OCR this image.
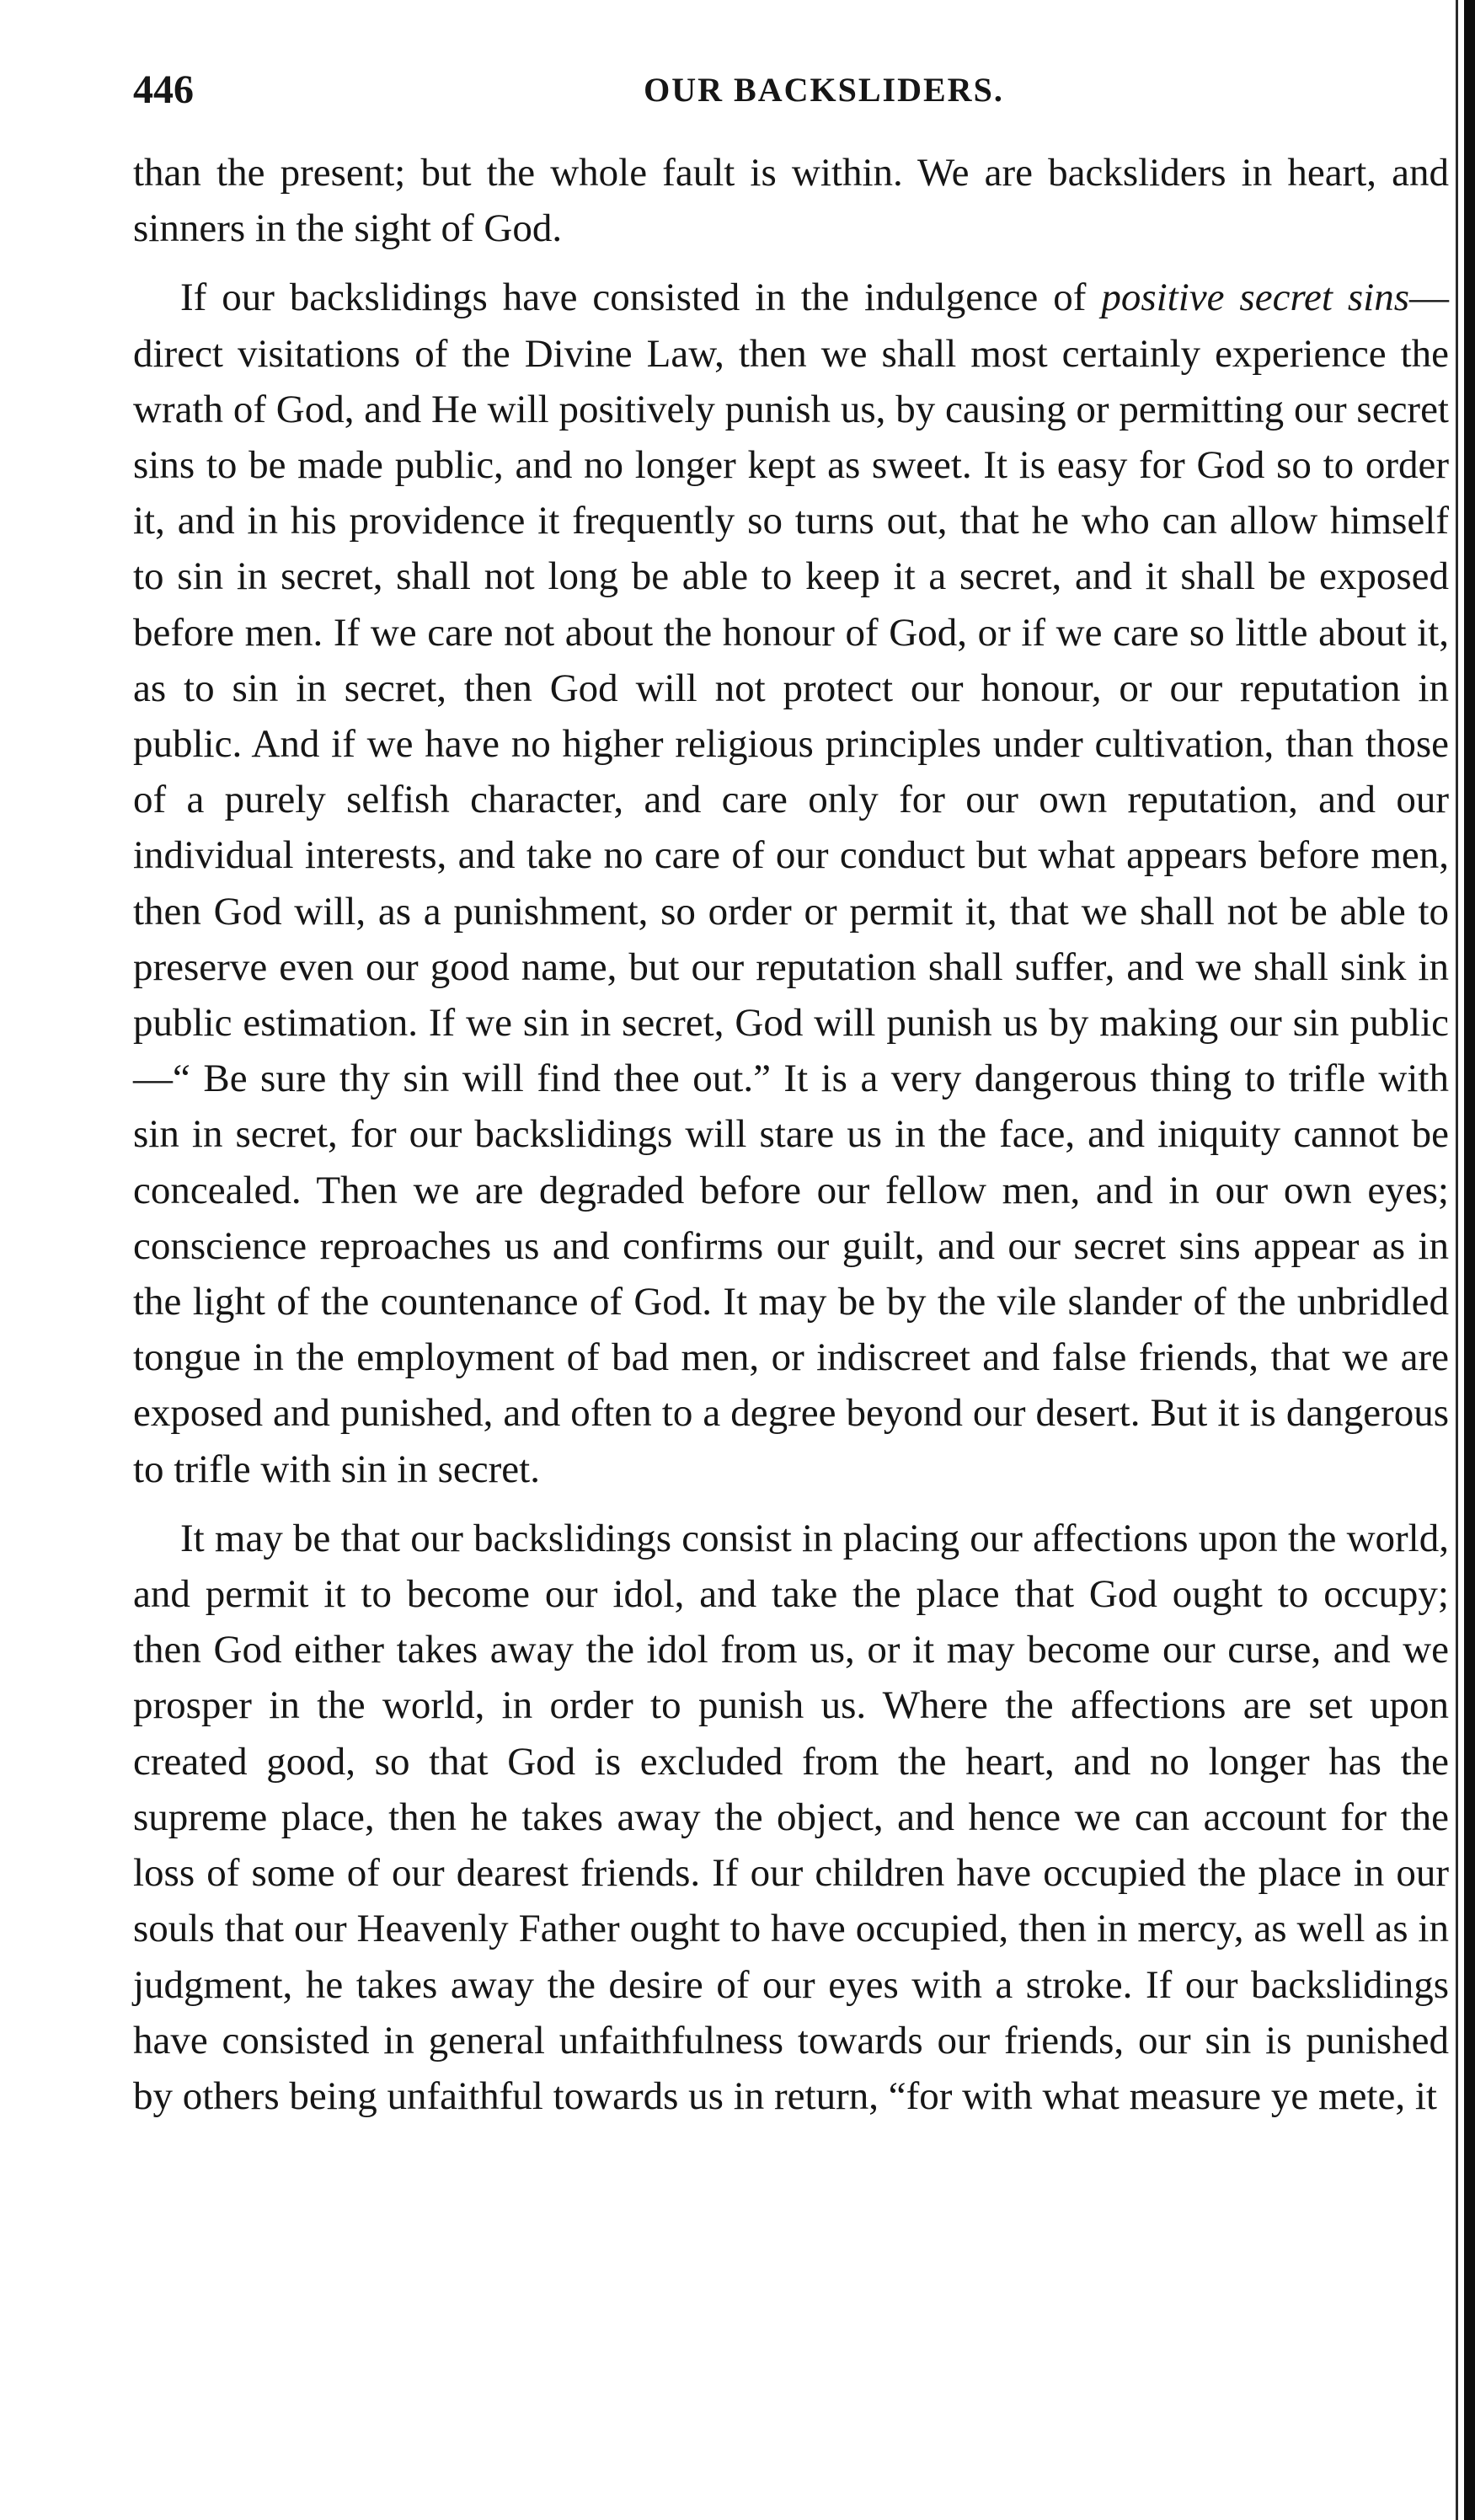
446	OUR BACKSLIDERS.

than the present; but the whole fault is within. We are backsliders in heart, and sinners in the sight of God.

If our backslidings have consisted in the indulgence of positive secret sins—direct visitations of the Divine Law, then we shall most certainly experience the wrath of God, and He will positively punish us, by causing or permitting our secret sins to be made public, and no longer kept as sweet. It is easy for God so to order it, and in his providence it frequently so turns out, that he who can allow himself to sin in secret, shall not long be able to keep it a secret, and it shall be exposed before men. If we care not about the honour of God, or if we care so little about it, as to sin in secret, then God will not protect our honour, or our reputation in public. And if we have no higher religious principles under cultivation, than those of a purely selfish character, and care only for our own reputation, and our individual interests, and take no care of our conduct but what appears before men, then God will, as a punishment, so order or permit it, that we shall not be able to preserve even our good name, but our reputation shall suffer, and we shall sink in public estimation. If we sin in secret, God will punish us by making our sin public—“ Be sure thy sin will find thee out.” It is a very dangerous thing to trifle with sin in secret, for our backslidings will stare us in the face, and iniquity cannot be concealed. Then we are degraded before our fellow men, and in our own eyes; conscience reproaches us and confirms our guilt, and our secret sins appear as in the light of the countenance of God. It may be by the vile slander of the unbridled tongue in the employment of bad men, or indiscreet and false friends, that we are exposed and punished, and often to a degree beyond our desert. But it is dangerous to trifle with sin in secret.

It may be that our backslidings consist in placing our affections upon the world, and permit it to become our idol, and take the place that God ought to occupy; then God either takes away the idol from us, or it may become our curse, and we prosper in the world, in order to punish us. Where the affections are set upon created good, so that God is excluded from the heart, and no longer has the supreme place, then he takes away the object, and hence we can account for the loss of some of our dearest friends. If our children have occupied the place in our souls that our Heavenly Father ought to have occupied, then in mercy, as well as in judgment, he takes away the desire of our eyes with a stroke. If our backslidings have consisted in general unfaithfulness towards our friends, our sin is punished by others being unfaithful towards us in return, “for with what measure ye mete, it
